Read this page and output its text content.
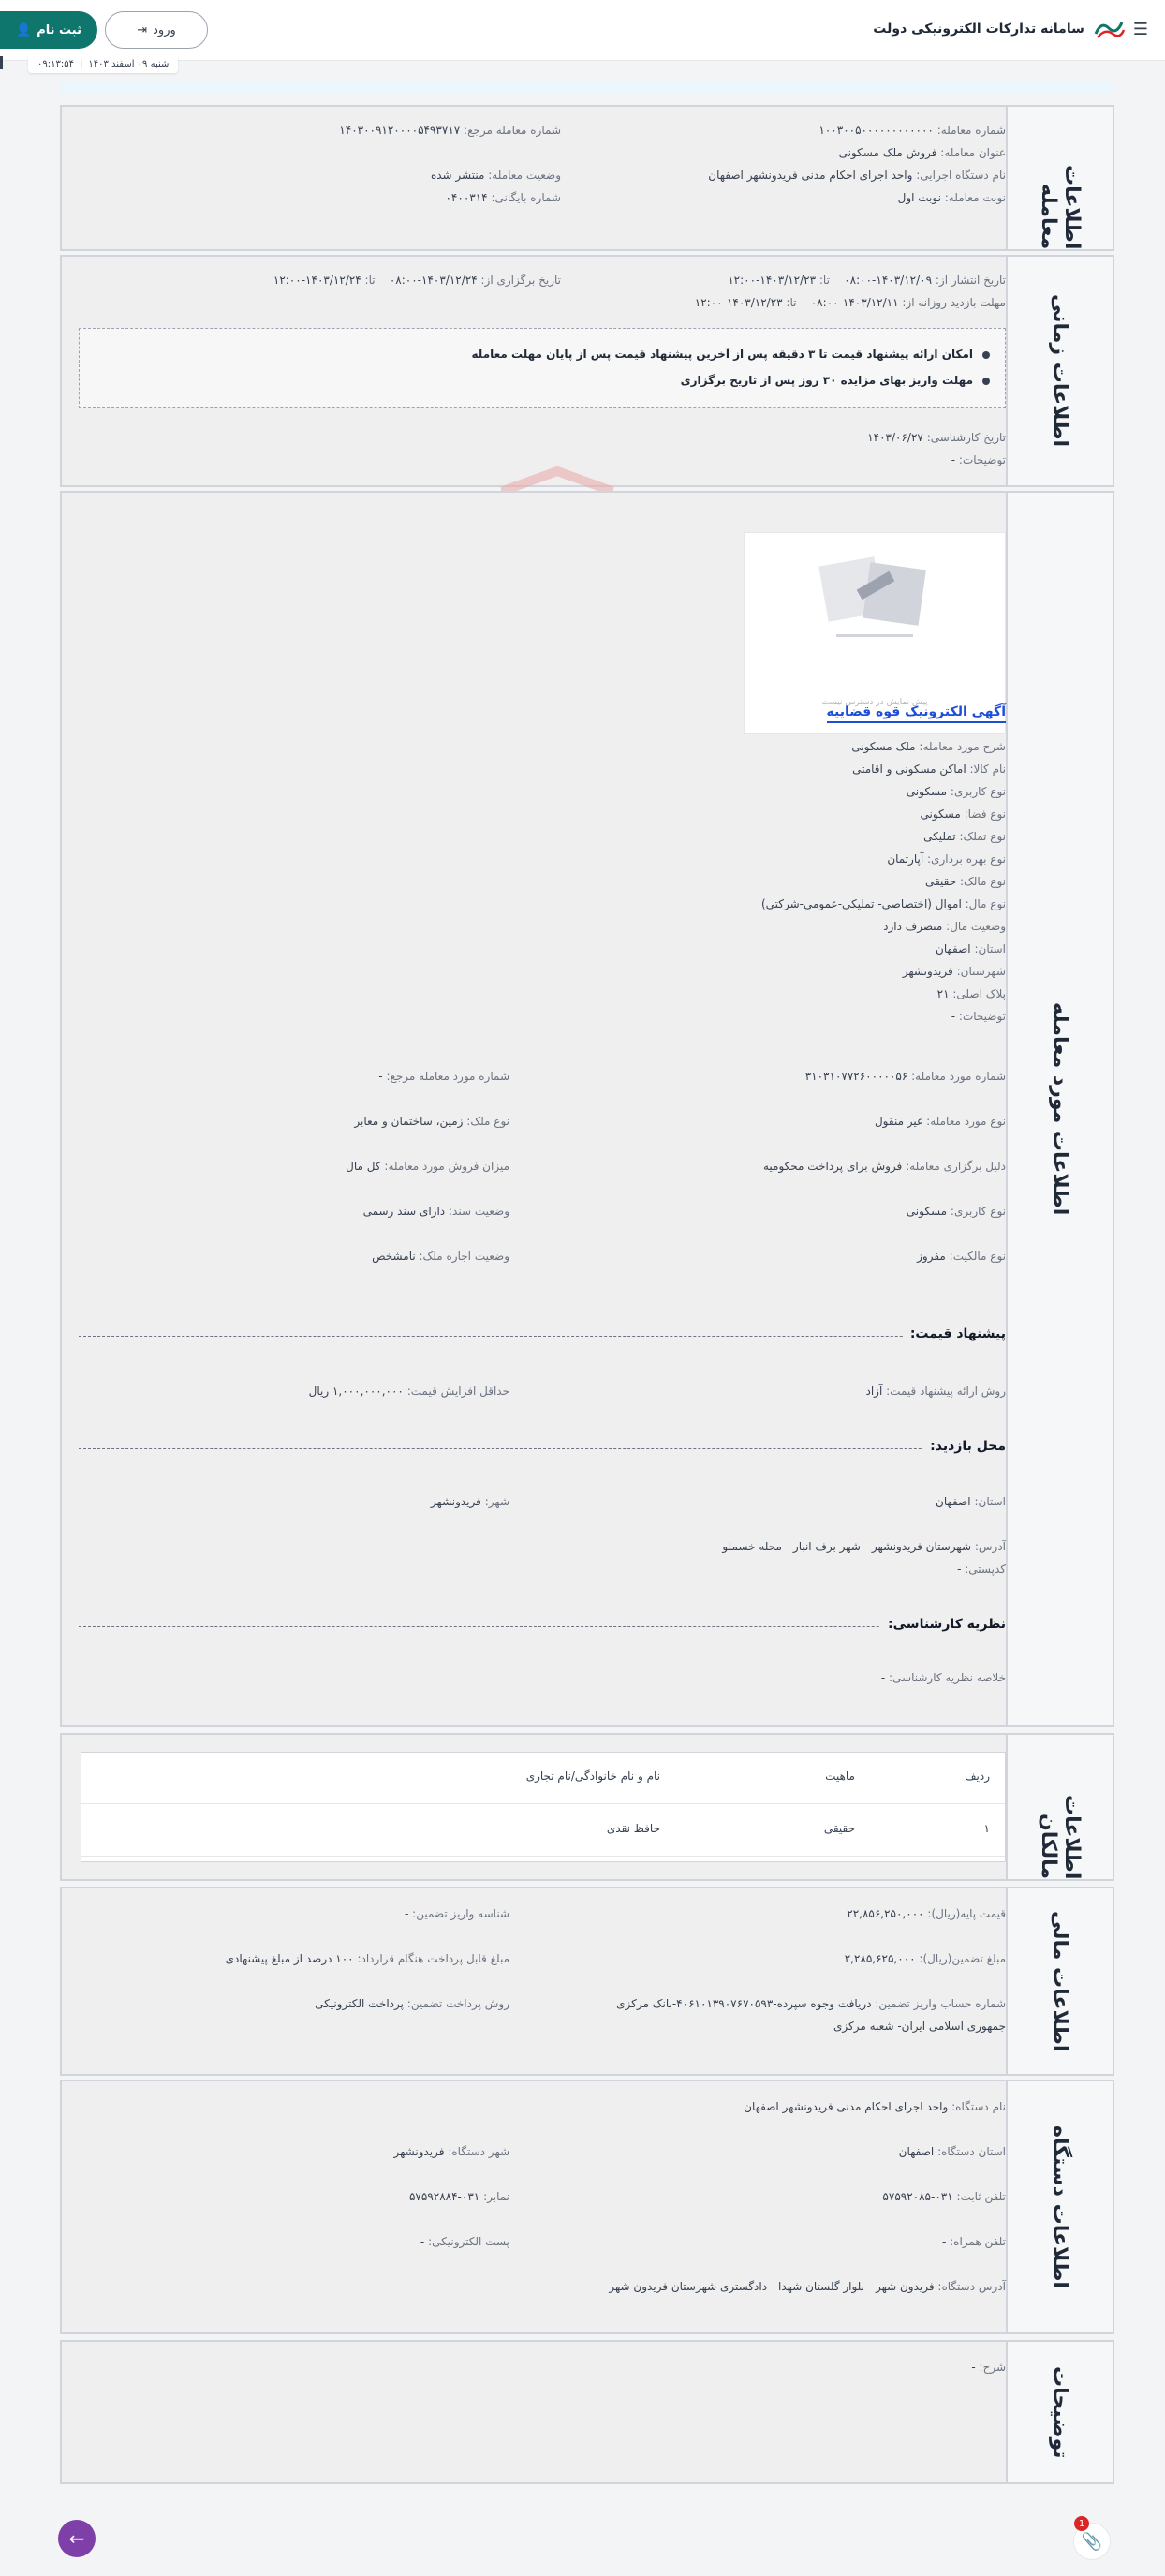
☰
سامانه تدارکات الکترونیکی دولت
ثبت نام
👤	ورود
⇥
شنبه ۰۹ اسفند ۱۴۰۳
|
۰۹:۱۳:۵۴
اطلاعات معامله
شماره معامله: ۱۰۰۳۰۰۵۰۰۰۰۰۰۰۰۰۰۰۰
شماره معامله مرجع: ۱۴۰۳۰۰۹۱۲۰۰۰۰۵۴۹۳۷۱۷
عنوان معامله: فروش ملک مسکونی
نام دستگاه اجرایی: واحد اجرای احکام مدنی فریدونشهر اصفهان
وضعیت معامله: منتشر شده
نوبت معامله: نوبت اول
شماره بایگانی: ۰۴۰۰۳۱۴
اطلاعات زمانی
تاریخ انتشار از: ۱۴۰۳/۱۲/۰۹-۰۸:۰۰    تا: ۱۴۰۳/۱۲/۲۳-۱۲:۰۰
تاریخ برگزاری از: ۱۴۰۳/۱۲/۲۴-۰۸:۰۰    تا: ۱۴۰۳/۱۲/۲۴-۱۲:۰۰
مهلت بازدید روزانه از: ۱۴۰۳/۱۲/۱۱-۰۸:۰۰    تا: ۱۴۰۳/۱۲/۲۳-۱۲:۰۰
امکان ارائه پیشنهاد قیمت تا ۳ دقیقه پس از آخرین پیشنهاد قیمت پس از پایان مهلت معامله
مهلت واریز بهای مزایده ۳۰ روز پس از تاریخ برگزاری
تاریخ کارشناسی: ۱۴۰۳/۰۶/۲۷
توضیحات: -
اطلاعات مورد معامله
پیش نمایش در دسترس نیست
آگهی الکترونیک قوه قضاییه
شرح مورد معامله: ملک مسکونی
نام کالا: اماکن مسکونی و اقامتی
نوع کاربری: مسکونی
نوع فضا: مسکونی
نوع تملک: تملیکی
نوع بهره برداری: آپارتمان
نوع مالک: حقیقی
نوع مال: اموال (اختصاصی- تملیکی-عمومی-شرکتی)
وضعیت مال: متصرف دارد
استان: اصفهان
شهرستان: فریدونشهر
پلاک اصلی: ۲۱
توضیحات: -
شماره مورد معامله: ۳۱۰۳۱۰۷۷۲۶۰۰۰۰۰۵۶
شماره مورد معامله مرجع: -
نوع مورد معامله: غیر منقول
نوع ملک: زمین، ساختمان و معابر
دلیل برگزاری معامله: فروش برای پرداخت محکومیه
میزان فروش مورد معامله: کل مال
نوع کاربری: مسکونی
وضعیت سند: دارای سند رسمی
نوع مالکیت: مفروز
وضعیت اجاره ملک: نامشخص
پیشنهاد قیمت:
روش ارائه پیشنهاد قیمت: آزاد
حداقل افزایش قیمت: ۱,۰۰۰,۰۰۰,۰۰۰ ریال
محل بازدید:
استان: اصفهان
شهر: فریدونشهر
آدرس: شهرستان فریدونشهر - شهر برف انبار - محله خسملو
کدپستی: -
نظریه کارشناسی:
خلاصه نظریه کارشناسی: -
اطلاعات مالکان
ردیف
ماهیت
نام و نام خانوادگی/نام تجاری
۱
حقیقی
حافظ نقدی
اطلاعات مالی
قیمت پایه(ریال): ۲۲,۸۵۶,۲۵۰,۰۰۰
شناسه واریز تضمین: -
مبلغ تضمین(ریال): ۲,۲۸۵,۶۲۵,۰۰۰
مبلغ قابل پرداخت هنگام قرارداد: ۱۰۰ درصد از مبلغ پیشنهادی
شماره حساب واریز تضمین: دریافت وجوه سپرده-۴۰۶۱۰۱۳۹۰۷۶۷۰۵۹۳-بانک مرکزی
جمهوری اسلامی ایران- شعبه مرکزی
روش پرداخت تضمین: پرداخت الکترونیکی
اطلاعات دستگاه
نام دستگاه: واحد اجرای احکام مدنی فریدونشهر اصفهان
استان دستگاه: اصفهان
شهر دستگاه: فریدونشهر
تلفن ثابت: ۰۳۱-۵۷۵۹۲۰۸۵
نمابر: ۰۳۱-۵۷۵۹۲۸۸۴
تلفن همراه: -
پست الکترونیکی: -
آدرس دستگاه: فریدون شهر - بلوار گلستان شهدا - دادگستری شهرستان فریدون شهر
توضیحات
شرح: -
←	📎
1
